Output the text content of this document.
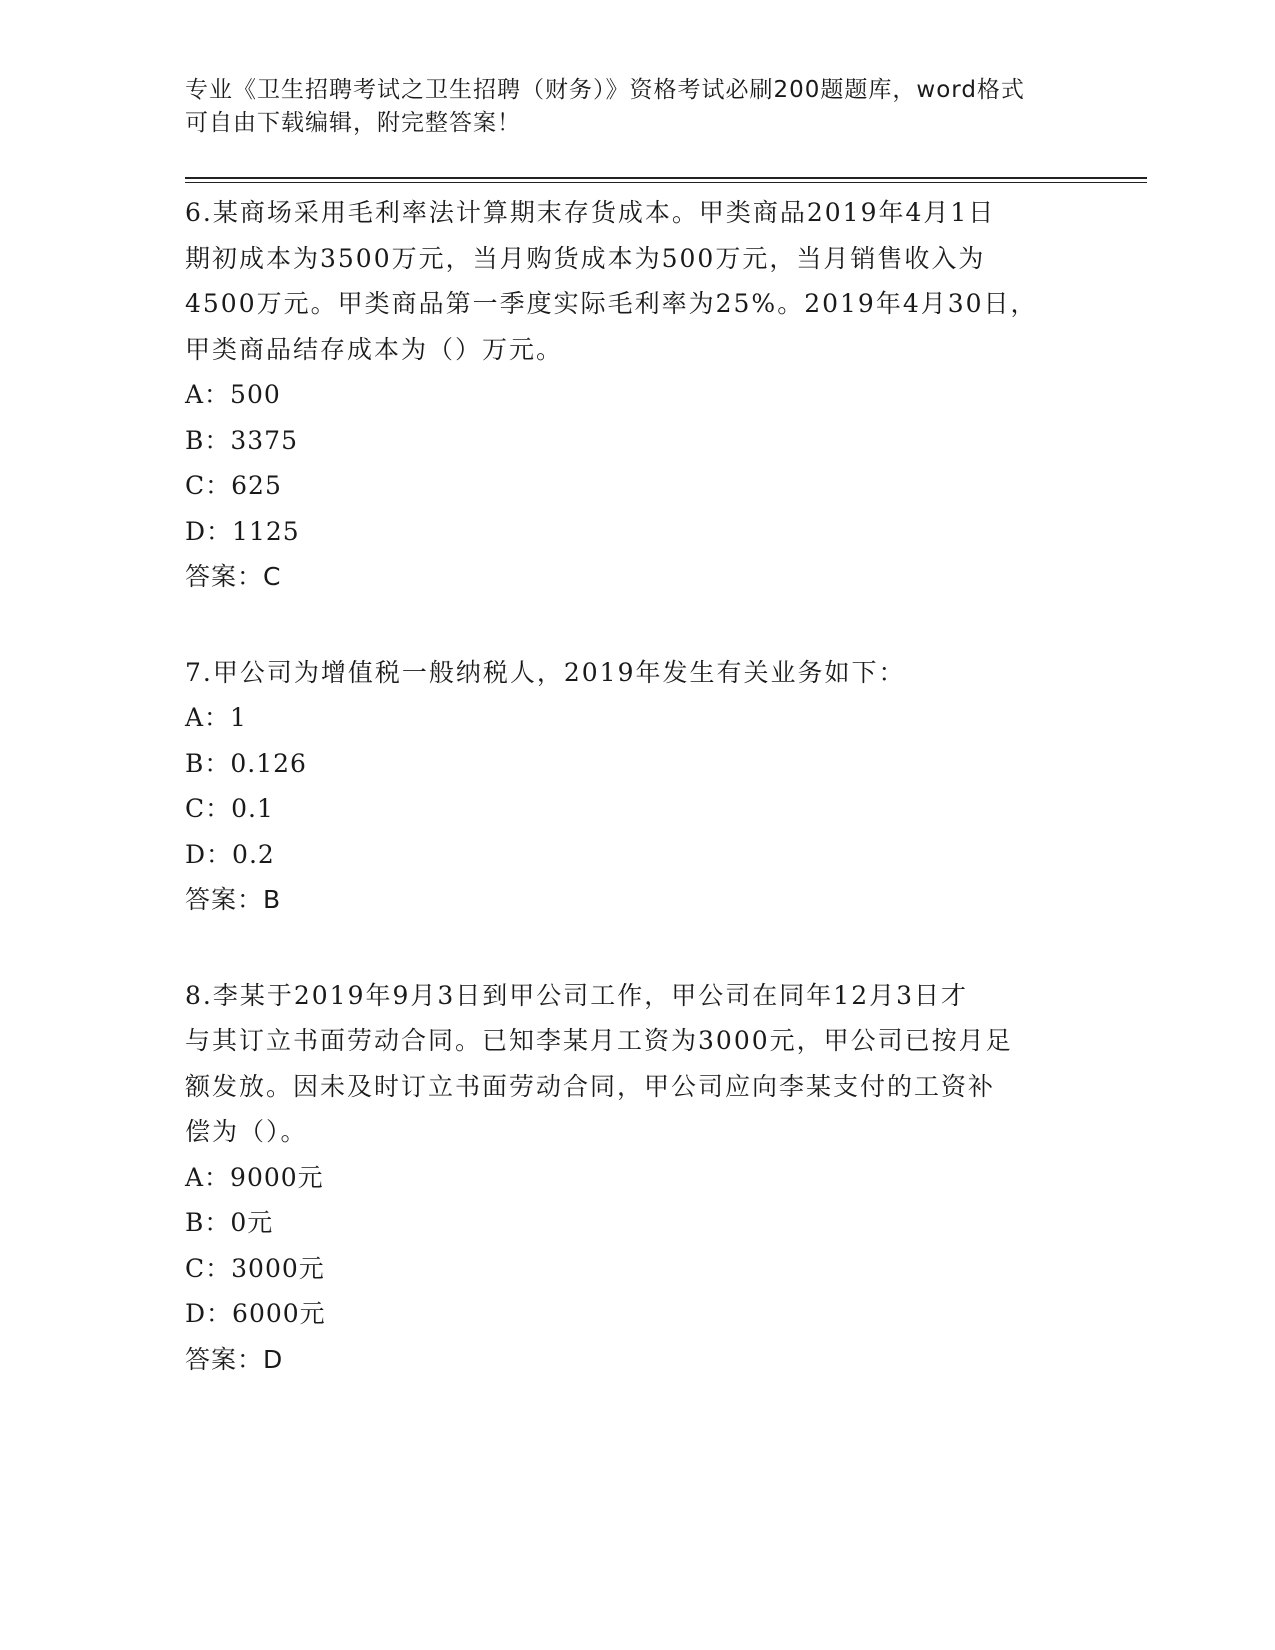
专业《卫生招聘考试之卫生招聘（财务）》资格考试必刷200题题库，word格式
可自由下载编辑，附完整答案！

6.某商场采用毛利率法计算期末存货成本。甲类商品2019年4月1日

期初成本为3500万元，当月购货成本为500万元，当月销售收入为

4500万元。甲类商品第一季度实际毛利率为25%。2019年4月30日，

甲类商品结存成本为（）万元。

A：500

B：3375

C：625

D：1125

答案：C

7.甲公司为增值税一般纳税人，2019年发生有关业务如下：

A：1

B：0.126

C：0.1

D：0.2

答案：B

8.李某于2019年9月3日到甲公司工作，甲公司在同年12月3日才

与其订立书面劳动合同。已知李某月工资为3000元，甲公司已按月足

额发放。因未及时订立书面劳动合同，甲公司应向李某支付的工资补

偿为（）。

A：9000元

B：0元

C：3000元

D：6000元

答案：D
